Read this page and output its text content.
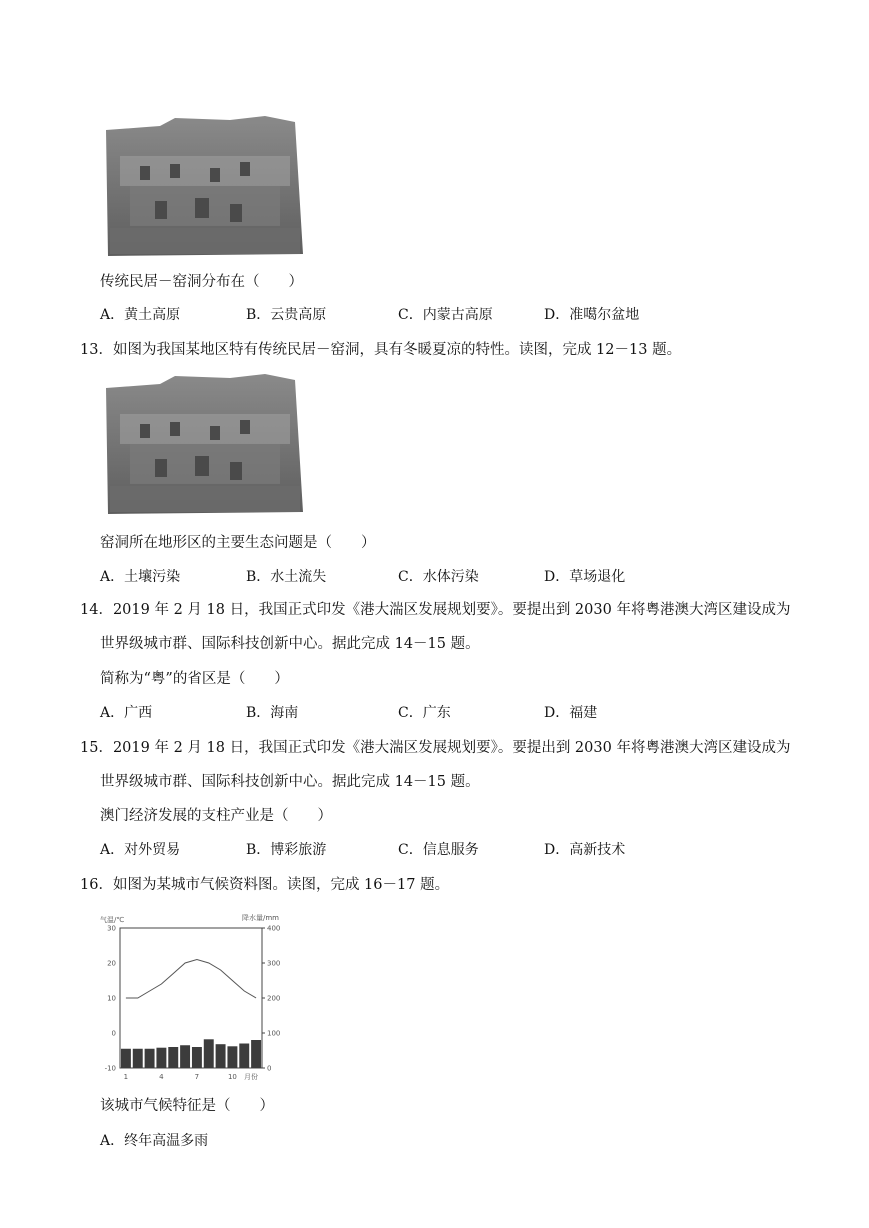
传统民居－窑洞分布在（　　）
A．黄土高原	B．云贵高原	C．内蒙古高原	D．准噶尔盆地
13．如图为我国某地区特有传统民居－窑洞，具有冬暖夏凉的特性。读图，完成 12－13 题。
窑洞所在地形区的主要生态问题是（　　）
A．土壤污染	B．水土流失	C．水体污染	D．草场退化
14．2019 年 2 月 18 日，我国正式印发《港大湍区发展规划要》。要提出到 2030 年将粤港澳大湾区建设成为
世界级城市群、国际科技创新中心。据此完成 14－15 题。
简称为“粤”的省区是（　　）
A．广西	B．海南	C．广东	D．福建
15．2019 年 2 月 18 日，我国正式印发《港大湍区发展规划要》。要提出到 2030 年将粤港澳大湾区建设成为
世界级城市群、国际科技创新中心。据此完成 14－15 题。
澳门经济发展的支柱产业是（　　）
A．对外贸易	B．博彩旅游	C．信息服务	D．高新技术
16．如图为某城市气候资料图。读图，完成 16－17 题。
气温/℃	降水量/mm
30
20
10
0
-10
400
300
200
100
0
1	4	7	10 月份
该城市气候特征是（　　）
A．终年高温多雨
